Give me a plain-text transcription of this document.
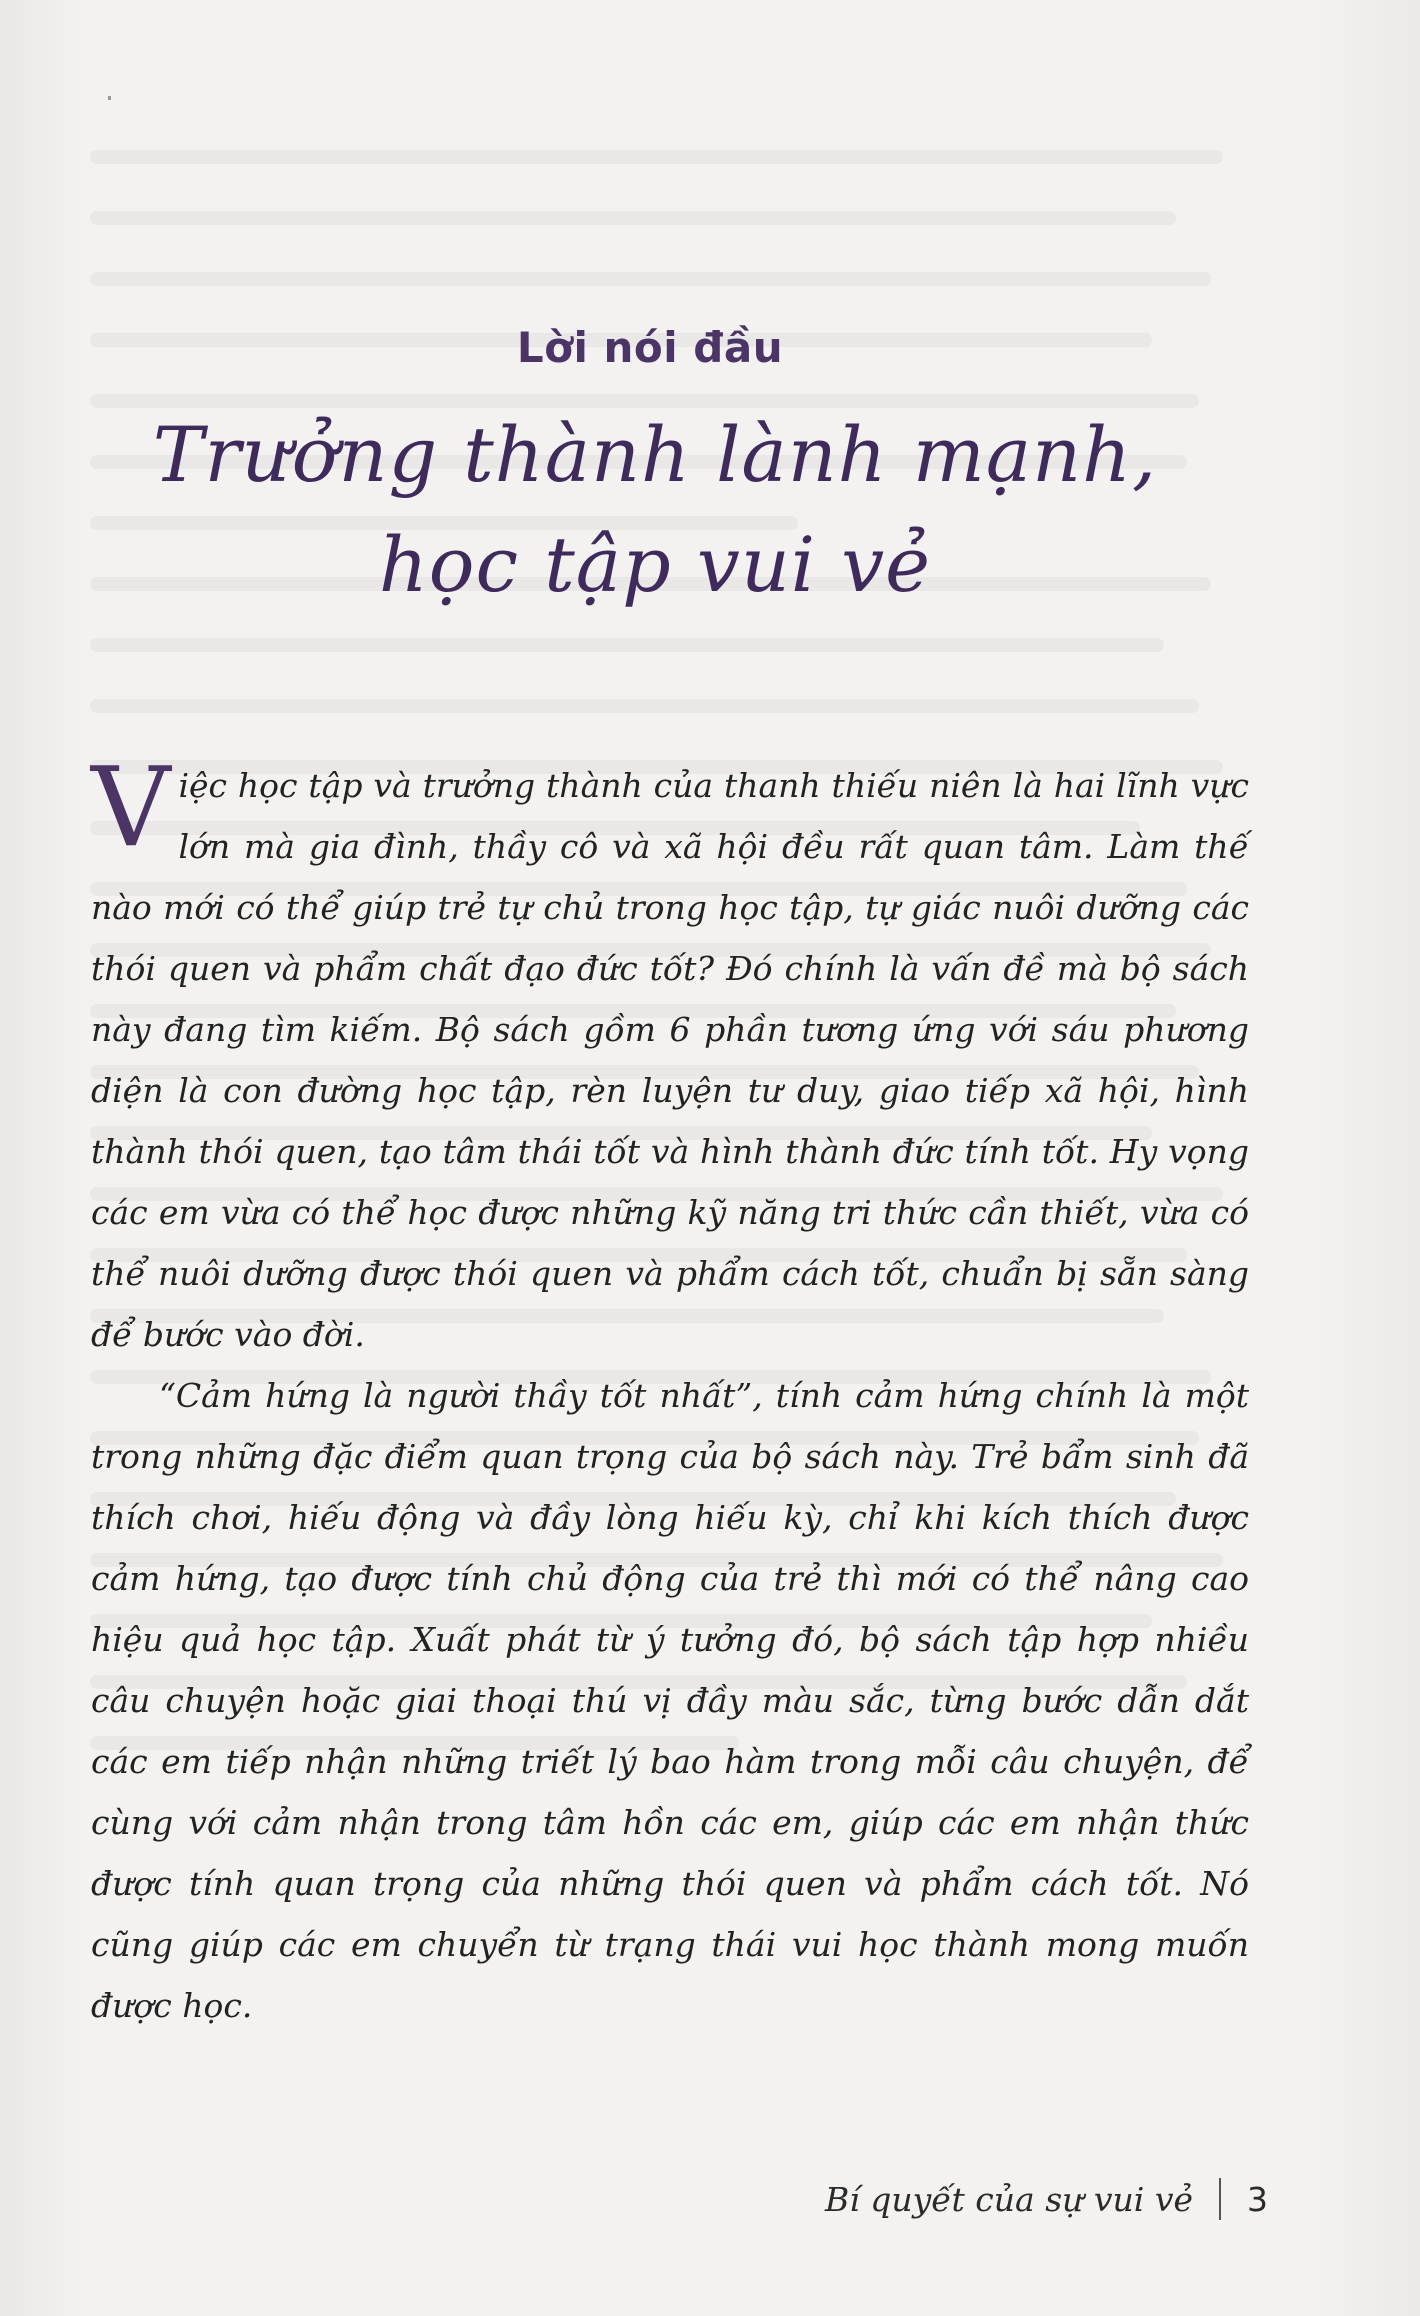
Lời nói đầu
Trưởng thành lành mạnh,
học tập vui vẻ

Việc học tập và trưởng thành của thanh thiếu niên là hai lĩnh vực lớn mà gia đình, thầy cô và xã hội đều rất quan tâm. Làm thế nào mới có thể giúp trẻ tự chủ trong học tập, tự giác nuôi dưỡng các thói quen và phẩm chất đạo đức tốt? Đó chính là vấn đề mà bộ sách này đang tìm kiếm. Bộ sách gồm 6 phần tương ứng với sáu phương diện là con đường học tập, rèn luyện tư duy, giao tiếp xã hội, hình thành thói quen, tạo tâm thái tốt và hình thành đức tính tốt. Hy vọng các em vừa có thể học được những kỹ năng tri thức cần thiết, vừa có thể nuôi dưỡng được thói quen và phẩm cách tốt, chuẩn bị sẵn sàng để bước vào đời.

“Cảm hứng là người thầy tốt nhất”, tính cảm hứng chính là một trong những đặc điểm quan trọng của bộ sách này. Trẻ bẩm sinh đã thích chơi, hiếu động và đầy lòng hiếu kỳ, chỉ khi kích thích được cảm hứng, tạo được tính chủ động của trẻ thì mới có thể nâng cao hiệu quả học tập. Xuất phát từ ý tưởng đó, bộ sách tập hợp nhiều câu chuyện hoặc giai thoại thú vị đầy màu sắc, từng bước dẫn dắt các em tiếp nhận những triết lý bao hàm trong mỗi câu chuyện, để cùng với cảm nhận trong tâm hồn các em, giúp các em nhận thức được tính quan trọng của những thói quen và phẩm cách tốt. Nó cũng giúp các em chuyển từ trạng thái vui học thành mong muốn được học.

Bí quyết của sự vui vẻ 3
